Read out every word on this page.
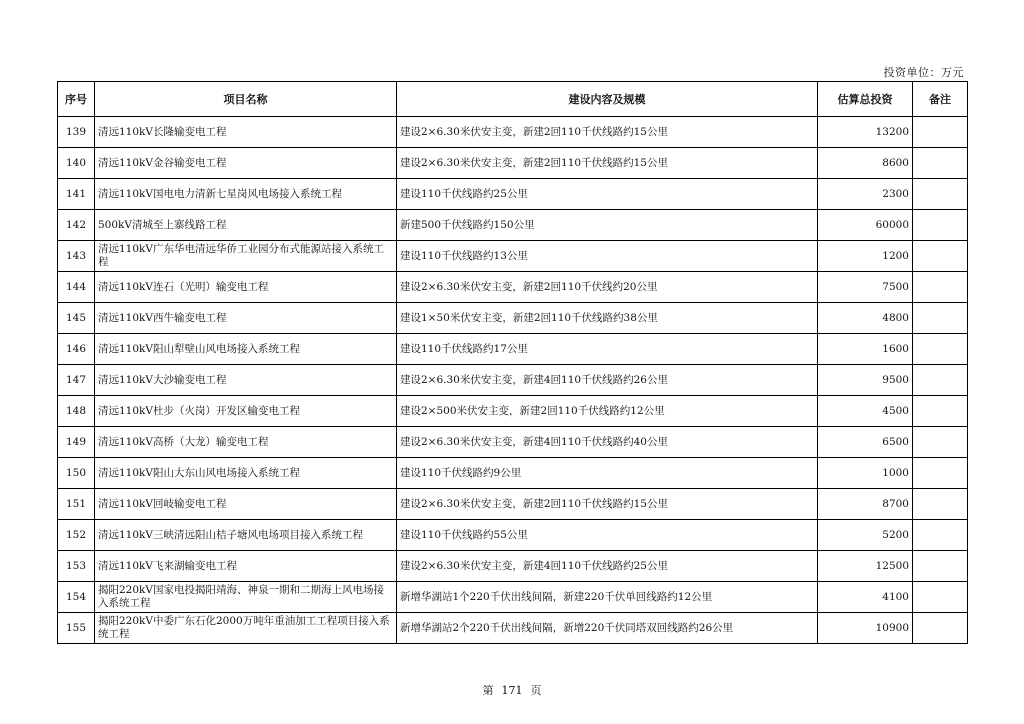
投资单位：万元
序号	项目名称	建设内容及规模	估算总投资	备注
139	清远110kV长隆输变电工程	建设2×6.30米伏安主变，新建2回110千伏线路约15公里	13200	
140	清远110kV金谷输变电工程	建设2×6.30米伏安主变，新建2回110千伏线路约15公里	8600	
141	清远110kV国电电力清新七星岗风电场接入系统工程	建设110千伏线路约25公里	2300	
142	500kV清城至上寨线路工程	新建500千伏线路约150公里	60000	
143	清远110kV广东华电清远华侨工业园分布式能源站接入系统工程	建设110千伏线路约13公里	1200	
144	清远110kV连石（光明）输变电工程	建设2×6.30米伏安主变，新建2回110千伏线约20公里	7500	
145	清远110kV西牛输变电工程	建设1×50米伏安主变，新建2回110千伏线路约38公里	4800	
146	清远110kV阳山犁壁山风电场接入系统工程	建设110千伏线路约17公里	1600	
147	清远110kV大沙输变电工程	建设2×6.30米伏安主变，新建4回110千伏线路约26公里	9500	
148	清远110kV杜步（火岗）开发区输变电工程	建设2×500米伏安主变，新建2回110千伏线路约12公里	4500	
149	清远110kV高桥（大龙）输变电工程	建设2×6.30米伏安主变，新建4回110千伏线路约40公里	6500	
150	清远110kV阳山大东山风电场接入系统工程	建设110千伏线路约9公里	1000	
151	清远110kV回岐输变电工程	建设2×6.30米伏安主变，新建2回110千伏线路约15公里	8700	
152	清远110kV三峡清远阳山桔子塘风电场项目接入系统工程	建设110千伏线路约55公里	5200	
153	清远110kV飞来湖输变电工程	建设2×6.30米伏安主变，新建4回110千伏线路约25公里	12500	
154	揭阳220kV国家电投揭阳靖海、神泉一期和二期海上风电场接入系统工程	新增华湖站1个220千伏出线间隔，新建220千伏单回线路约12公里	4100	
155	揭阳220kV中委广东石化2000万吨年重油加工工程项目接入系统工程	新增华湖站2个220千伏出线间隔，新增220千伏同塔双回线路约26公里	10900	
第 171 页
